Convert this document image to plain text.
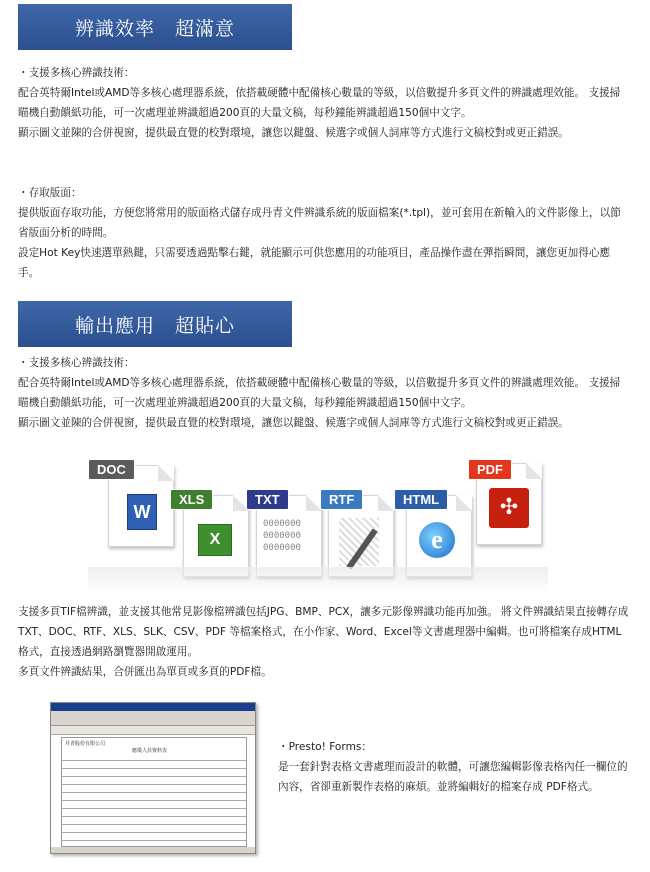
辨識效率　超滿意

・支援多核心辨識技術：

配合英特爾Intel或AMD等多核心處理器系統，依搭載硬體中配備核心數量的等級，以倍數提升多頁文件的辨識處理效能。 支援掃瞄機自動饋紙功能，可一次處理並辨識超過200頁的大量文稿，每秒鐘能辨識超過150個中文字。

顯示圖文並陳的合併視窗，提供最直覺的校對環境，讓您以鍵盤、候選字或個人詞庫等方式進行文稿校對或更正錯誤。

・存取版面：

提供版面存取功能，方便您將常用的版面格式儲存成丹青文件辨識系統的版面檔案(*.tpl)，並可套用在新輸入的文件影像上，以節省版面分析的時間。

設定Hot Key快速選單熱鍵，只需要透過點擊右鍵，就能顯示可供您應用的功能項目，產品操作盡在彈指瞬間，讓您更加得心應手。

輸出應用　超貼心

・支援多核心辨識技術：

配合英特爾Intel或AMD等多核心處理器系統，依搭載硬體中配備核心數量的等級，以倍數提升多頁文件的辨識處理效能。 支援掃瞄機自動饋紙功能，可一次處理並辨識超過200頁的大量文稿，每秒鐘能辨識超過150個中文字。

顯示圖文並陳的合併視窗，提供最直覺的校對環境，讓您以鍵盤、候選字或個人詞庫等方式進行文稿校對或更正錯誤。

W
DOC
X
XLS
0000000
0000000
0000000
TXT	RTF
e
HTML	✣
PDF

支援多頁TIF檔辨識，並支援其他常見影像檔辨識包括JPG、BMP、PCX，讓多元影像辨識功能再加強。 將文件辨識結果直接轉存成TXT、DOC、RTF、XLS、SLK、CSV、PDF 等檔案格式，在小作家、Word、Excel等文書處理器中編輯。也可將檔案存成HTML格式，直接透過網路瀏覽器開啟運用。

多頁文件辨識結果，合併匯出為單頁或多頁的PDF檔。

丹青股份有限公司
應徵人員資料表	・Presto! Forms：

是一套針對表格文書處理而設計的軟體，可讓您編輯影像表格內任一欄位的內容，省卻重新製作表格的麻煩。並將編輯好的檔案存成 PDF格式。
